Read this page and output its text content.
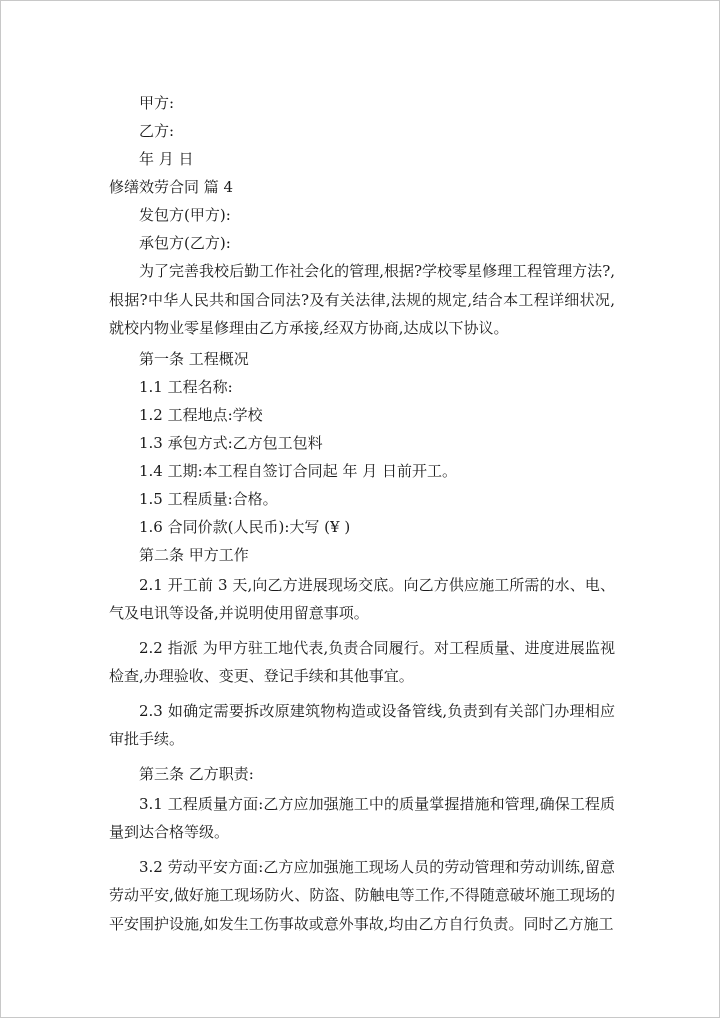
甲方:

乙方:

年 月 日

修缮效劳合同 篇 4

发包方(甲方):

承包方(乙方):

为了完善我校后勤工作社会化的管理,根据?学校零星修理工程管理方法?,根据?中华人民共和国合同法?及有关法律,法规的规定,结合本工程详细状况,就校内物业零星修理由乙方承接,经双方协商,达成以下协议。

第一条 工程概况

1.1 工程名称:

1.2 工程地点:学校

1.3 承包方式:乙方包工包料

1.4 工期:本工程自签订合同起 年 月 日前开工。

1.5 工程质量:合格。

1.6 合同价款(人民币):大写 (¥ )

第二条 甲方工作

2.1 开工前 3 天,向乙方进展现场交底。向乙方供应施工所需的水、电、气及电讯等设备,并说明使用留意事项。

2.2 指派 为甲方驻工地代表,负责合同履行。对工程质量、进度进展监视检查,办理验收、变更、登记手续和其他事宜。

2.3 如确定需要拆改原建筑物构造或设备管线,负责到有关部门办理相应审批手续。

第三条 乙方职责:

3.1 工程质量方面:乙方应加强施工中的质量掌握措施和管理,确保工程质量到达合格等级。

3.2 劳动平安方面:乙方应加强施工现场人员的劳动管理和劳动训练,留意劳动平安,做好施工现场防火、防盗、防触电等工作,不得随意破坏施工现场的平安围护设施,如发生工伤事故或意外事故,均由乙方自行负责。同时乙方施工
